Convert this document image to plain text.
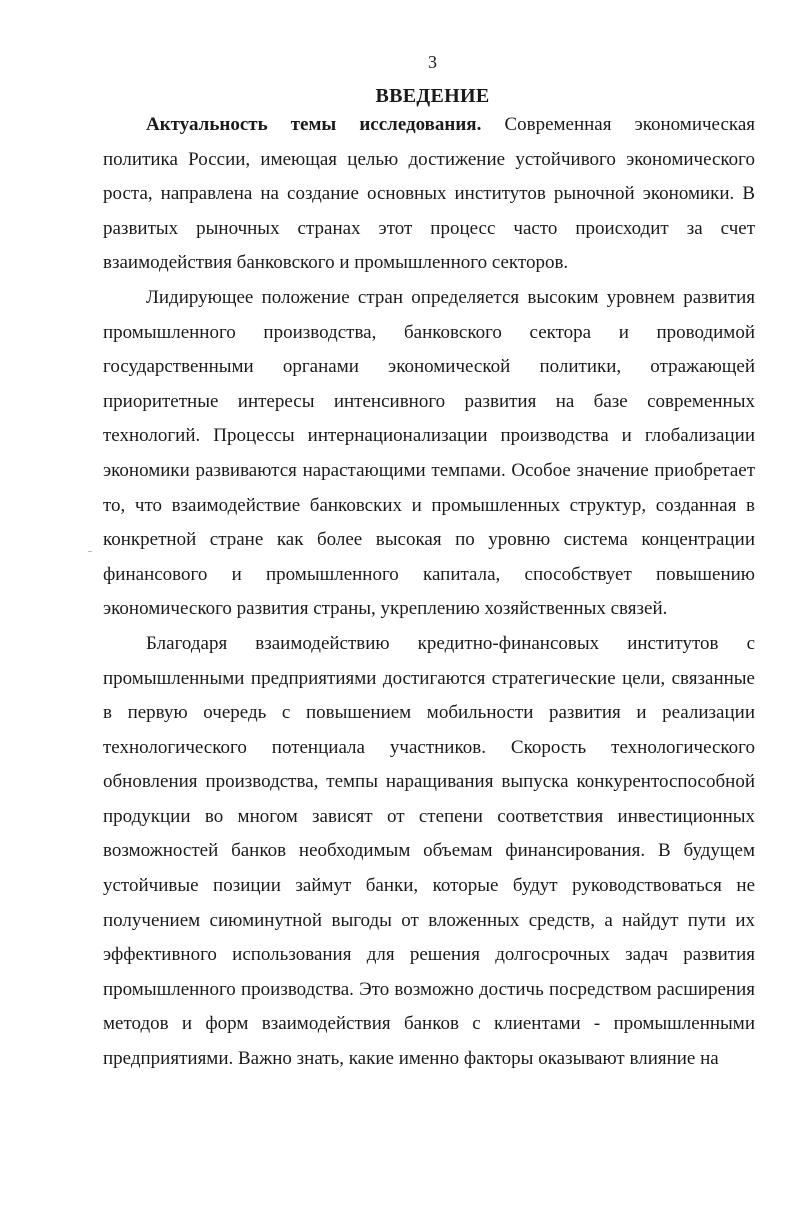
3
ВВЕДЕНИЕ

Актуальность темы исследования. Современная экономическая политика России, имеющая целью достижение устойчивого экономического роста, направлена на создание основных институтов рыночной экономики. В развитых рыночных странах этот процесс часто происходит за счет взаимодействия банковского и промышленного секторов.

Лидирующее положение стран определяется высоким уровнем развития промышленного производства, банковского сектора и проводимой государственными органами экономической политики, отражающей приоритетные интересы интенсивного развития на базе современных технологий. Процессы интернационализации производства и глобализации экономики развиваются нарастающими темпами. Особое значение приобретает то, что взаимодействие банковских и промышленных структур, созданная в конкретной стране как более высокая по уровню система концентрации финансового и промышленного капитала, способствует повышению экономического развития страны, укреплению хозяйственных связей.

Благодаря взаимодействию кредитно-финансовых институтов с промышленными предприятиями достигаются стратегические цели, связанные в первую очередь с повышением мобильности развития и реализации технологического потенциала участников. Скорость технологического обновления производства, темпы наращивания выпуска конкурентоспособной продукции во многом зависят от степени соответствия инвестиционных возможностей банков необходимым объемам финансирования. В будущем устойчивые позиции займут банки, которые будут руководствоваться не получением сиюминутной выгоды от вложенных средств, а найдут пути их эффективного использования для решения долгосрочных задач развития промышленного производства. Это возможно достичь посредством расширения методов и форм взаимодействия банков с клиентами - промышленными предприятиями. Важно знать, какие именно факторы оказывают влияние на
